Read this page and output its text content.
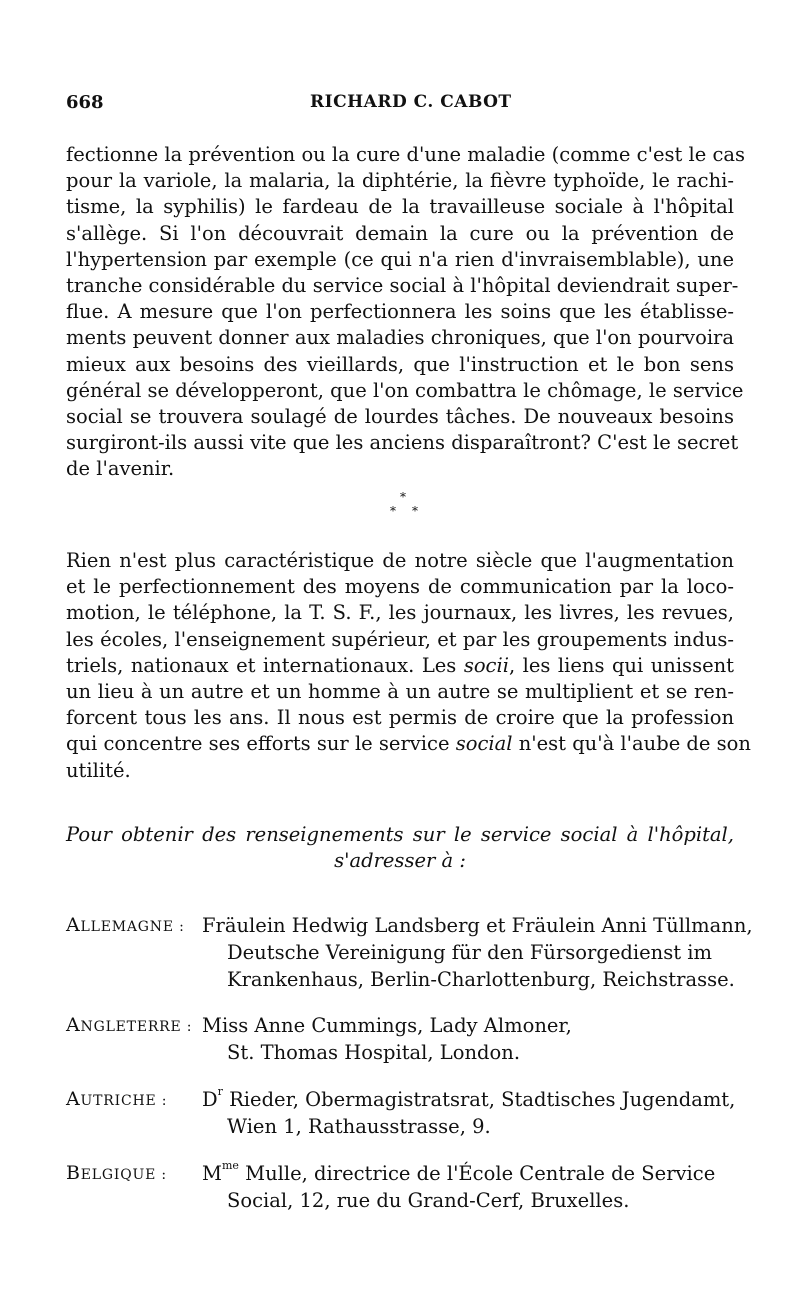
668	RICHARD C. CABOT
fectionne la prévention ou la cure d'une maladie (comme c'est le cas
pour la variole, la malaria, la diphtérie, la fièvre typhoïde, le rachi-
tisme, la syphilis) le fardeau de la travailleuse sociale à l'hôpital
s'allège. Si l'on découvrait demain la cure ou la prévention de
l'hypertension par exemple (ce qui n'a rien d'invraisemblable), une
tranche considérable du service social à l'hôpital deviendrait super-
flue. A mesure que l'on perfectionnera les soins que les établisse-
ments peuvent donner aux maladies chroniques, que l'on pourvoira
mieux aux besoins des vieillards, que l'instruction et le bon sens
général se développeront, que l'on combattra le chômage, le service
social se trouvera soulagé de lourdes tâches. De nouveaux besoins
surgiront-ils aussi vite que les anciens disparaîtront? C'est le secret
de l'avenir.
*
* *
Rien n'est plus caractéristique de notre siècle que l'augmentation
et le perfectionnement des moyens de communication par la loco-
motion, le téléphone, la T. S. F., les journaux, les livres, les revues,
les écoles, l'enseignement supérieur, et par les groupements indus-
triels, nationaux et internationaux. Les socii, les liens qui unissent
un lieu à un autre et un homme à un autre se multiplient et se ren-
forcent tous les ans. Il nous est permis de croire que la profession
qui concentre ses efforts sur le service social n'est qu'à l'aube de son
utilité.
Pour obtenir des renseignements sur le service social à l'hôpital,
s'adresser à :
ALLEMAGNE : Fräulein Hedwig Landsberg et Fräulein Anni Tüllmann,
Deutsche Vereinigung für den Fürsorgedienst im
Krankenhaus, Berlin-Charlottenburg, Reichstrasse.
ANGLETERRE : Miss Anne Cummings, Lady Almoner,
St. Thomas Hospital, London.
AUTRICHE : $D^r$ Rieder, Obermagistratsrat, Stadtisches Jugendamt,
Wien 1, Rathausstrasse, 9.
BELGIQUE : $M^{me}$ Mulle, directrice de l'École Centrale de Service
Social, 12, rue du Grand-Cerf, Bruxelles.
